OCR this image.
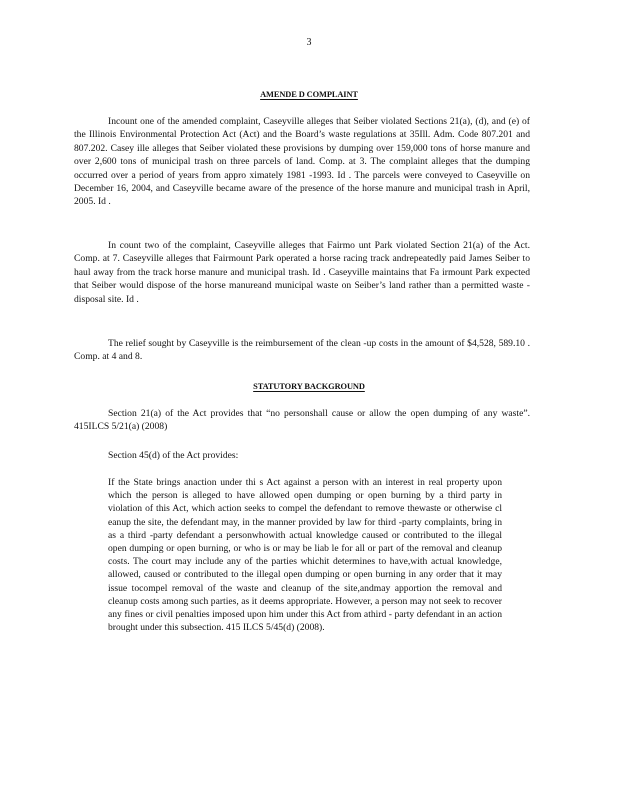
3
AMENDE D COMPLAINT

Incount one of the amended complaint, Caseyville alleges that Seiber violated Sections 21(a), (d), and (e) of the Illinois Environmental Protection Act (Act) and the Board’s waste regulations at 35Ill. Adm. Code 807.201 and 807.202. Casey ille alleges that Seiber violated these provisions by dumping over 159,000 tons of horse manure and over 2,600 tons of municipal trash on three parcels of land. Comp. at 3. The complaint alleges that the dumping occurred over a period of years from appro ximately 1981 -1993. Id . The parcels were conveyed to Caseyville on December 16, 2004, and Caseyville became aware of the presence of the horse manure and municipal trash in April, 2005. Id .

In count two of the complaint, Caseyville alleges that Fairmo unt Park violated Section 21(a) of the Act. Comp. at 7. Caseyville alleges that Fairmount Park operated a horse racing track andrepeatedly paid James Seiber to haul away from the track horse manure and municipal trash. Id . Caseyville maintains that Fa irmount Park expected that Seiber would dispose of the horse manureand municipal waste on Seiber’s land rather than a permitted waste -disposal site. Id .

The relief sought by Caseyville is the reimbursement of the clean -up costs in the amount of $4,528, 589.10 . Comp. at 4 and 8.

STATUTORY BACKGROUND

Section 21(a) of the Act provides that “no personshall cause or allow the open dumping of any waste”. 415ILCS 5/21(a) (2008)

Section 45(d) of the Act provides:

If the State brings anaction under thi s Act against a person with an interest in real property upon which the person is alleged to have allowed open dumping or open burning by a third party in violation of this Act, which action seeks to compel the defendant to remove thewaste or otherwise cl eanup the site, the defendant may, in the manner provided by law for third -party complaints, bring in as a third -party defendant a personwhowith actual knowledge caused or contributed to the illegal open dumping or open burning, or who is or may be liab le for all or part of the removal and cleanup costs. The court may include any of the parties whichit determines to have,with actual knowledge, allowed, caused or contributed to the illegal open dumping or open burning in any order that it may issue tocompel removal of the waste and cleanup of the site,andmay apportion the removal and cleanup costs among such parties, as it deems appropriate. However, a person may not seek to recover any fines or civil penalties imposed upon him under this Act from athird - party defendant in an action brought under this subsection. 415 ILCS 5/45(d) (2008).
